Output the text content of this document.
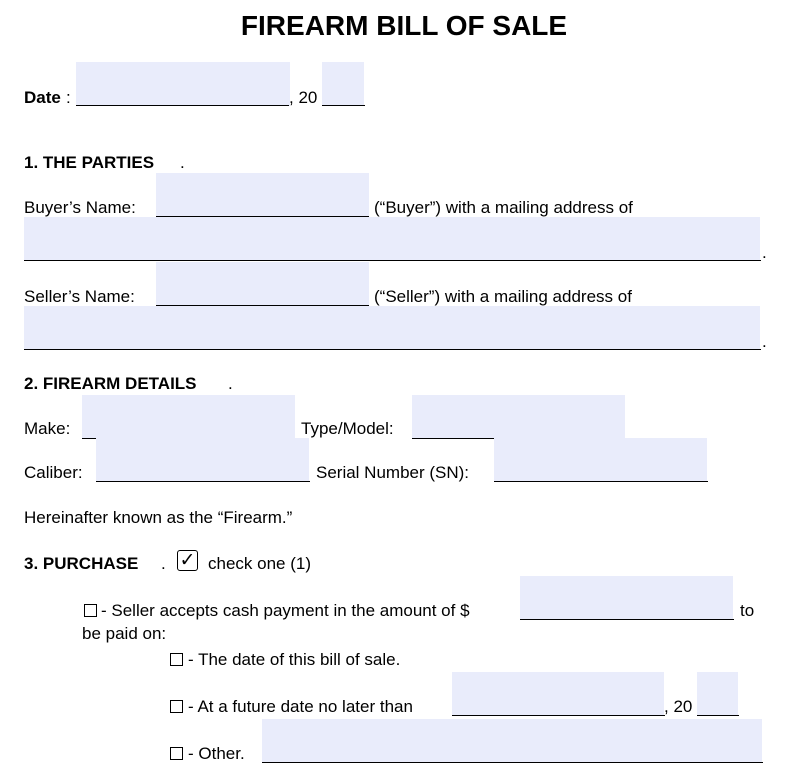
FIREARM BILL OF SALE
Date :	, 20
1. THE PARTIES .
Buyer’s Name:	(“Buyer”) with a mailing address of
.
Seller’s Name:	(“Seller”) with a mailing address of
.
2. FIREARM DETAILS .
Make:	Type/Model:
Caliber:	Serial Number (SN):
Hereinafter known as the “Firearm.”
3. PURCHASE . ✓ check one (1)
- Seller accepts cash payment in the amount of $	to
be paid on:
- The date of this bill of sale.
- At a future date no later than	, 20
- Other.
